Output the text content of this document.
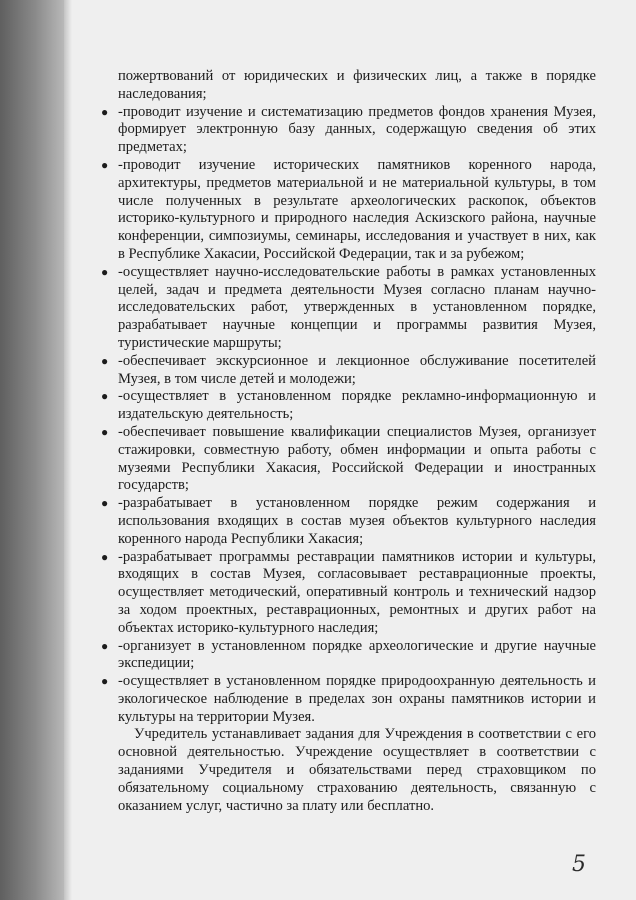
пожертвований от юридических и физических лиц, а также в порядке наследования;
● -проводит изучение и систематизацию предметов фондов хранения Музея, формирует электронную базу данных, содержащую сведения об этих предметах;
● -проводит изучение исторических памятников коренного народа, архитектуры, предметов материальной и не материальной культуры, в том числе полученных в результате археологических раскопок, объектов историко-культурного и природного наследия Аскизского района, научные конференции, симпозиумы, семинары, исследования и участвует в них, как в Республике Хакасии, Российской Федерации, так и за рубежом;
● -осуществляет научно-исследовательские работы в рамках установленных целей, задач и предмета деятельности Музея согласно планам научно-исследовательских работ, утвержденных в установленном порядке, разрабатывает научные концепции и программы развития Музея, туристические маршруты;
● -обеспечивает экскурсионное и лекционное обслуживание посетителей Музея, в том числе детей и молодежи;
● -осуществляет в установленном порядке рекламно-информационную и издательскую деятельность;
● -обеспечивает повышение квалификации специалистов Музея, организует стажировки, совместную работу, обмен информации и опыта работы с музеями Республики Хакасия, Российской Федерации и иностранных государств;
● -разрабатывает в установленном порядке режим содержания и использования входящих в состав музея объектов культурного наследия коренного народа Республики Хакасия;
● -разрабатывает программы реставрации памятников истории и культуры, входящих в состав Музея, согласовывает реставрационные проекты, осуществляет методический, оперативный контроль и технический надзор за ходом проектных, реставрационных, ремонтных и других работ на объектах историко-культурного наследия;
● -организует в установленном порядке археологические и другие научные экспедиции;
● -осуществляет в установленном порядке природоохранную деятельность и экологическое наблюдение в пределах зон охраны памятников истории и культуры на территории Музея.
Учредитель устанавливает задания для Учреждения в соответствии с его основной деятельностью. Учреждение осуществляет в соответствии с заданиями Учредителя и обязательствами перед страховщиком по обязательному социальному страхованию деятельность, связанную с оказанием услуг, частично за плату или бесплатно.
5
